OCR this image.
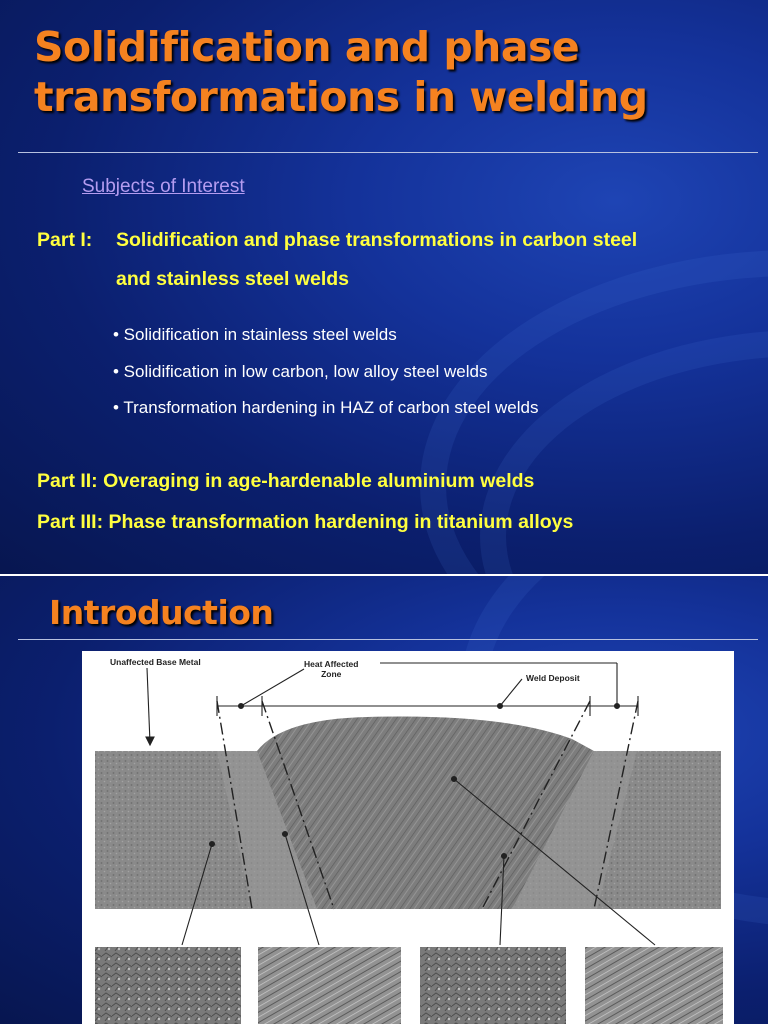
Solidification and phase
transformations in welding
Subjects of Interest
Part I: Solidification and phase transformations in carbon steel
and stainless steel welds
• Solidification in stainless steel welds
• Solidification in low carbon, low alloy steel welds
• Transformation hardening in HAZ of carbon steel welds
Part II: Overaging in age-hardenable aluminium welds
Part III: Phase transformation hardening in titanium alloys
Introduction
Unaffected Base Metal	Heat Affected
Zone	Weld Deposit
